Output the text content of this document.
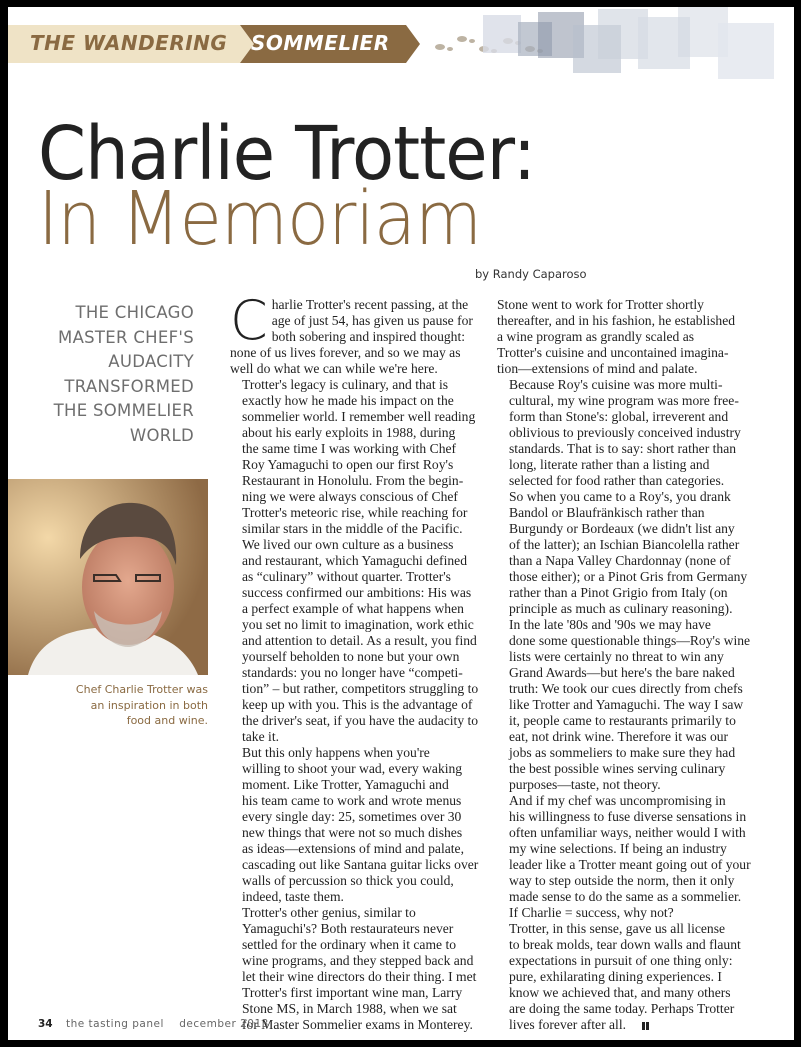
THE WANDERING SOMMELIER
Charlie Trotter:
In Memoriam
by Randy Caparoso
THE CHICAGO
MASTER CHEF'S
AUDACITY
TRANSFORMED
THE SOMMELIER
WORLD
Chef Charlie Trotter was
an inspiration in both
food and wine.

C harlie Trotter's recent passing, at the
age of just 54, has given us pause for
both sobering and inspired thought:
none of us lives forever, and so we may as
well do what we can while we're here.

Trotter's legacy is culinary, and that is
exactly how he made his impact on the
sommelier world. I remember well reading
about his early exploits in 1988, during
the same time I was working with Chef
Roy Yamaguchi to open our first Roy's
Restaurant in Honolulu. From the begin-
ning we were always conscious of Chef
Trotter's meteoric rise, while reaching for
similar stars in the middle of the Pacific.

We lived our own culture as a business
and restaurant, which Yamaguchi defined
as “culinary” without quarter. Trotter's
success confirmed our ambitions: His was
a perfect example of what happens when
you set no limit to imagination, work ethic
and attention to detail. As a result, you find
yourself beholden to none but your own
standards: you no longer have “competi-
tion” – but rather, competitors struggling to
keep up with you. This is the advantage of
the driver's seat, if you have the audacity to
take it.

But this only happens when you're
willing to shoot your wad, every waking
moment. Like Trotter, Yamaguchi and
his team came to work and wrote menus
every single day: 25, sometimes over 30
new things that were not so much dishes
as ideas—extensions of mind and palate,
cascading out like Santana guitar licks over
walls of percussion so thick you could,
indeed, taste them.

Trotter's other genius, similar to
Yamaguchi's? Both restaurateurs never
settled for the ordinary when it came to
wine programs, and they stepped back and
let their wine directors do their thing. I met
Trotter's first important wine man, Larry
Stone MS, in March 1988, when we sat
for Master Sommelier exams in Monterey.

Stone went to work for Trotter shortly
thereafter, and in his fashion, he established
a wine program as grandly scaled as
Trotter's cuisine and uncontained imagina-
tion—extensions of mind and palate.

Because Roy's cuisine was more multi-
cultural, my wine program was more free-
form than Stone's: global, irreverent and
oblivious to previously conceived industry
standards. That is to say: short rather than
long, literate rather than a listing and
selected for food rather than categories.
So when you came to a Roy's, you drank
Bandol or Blaufränkisch rather than
Burgundy or Bordeaux (we didn't list any
of the latter); an Ischian Biancolella rather
than a Napa Valley Chardonnay (none of
those either); or a Pinot Gris from Germany
rather than a Pinot Grigio from Italy (on
principle as much as culinary reasoning).

In the late '80s and '90s we may have
done some questionable things—Roy's wine
lists were certainly no threat to win any
Grand Awards—but here's the bare naked
truth: We took our cues directly from chefs
like Trotter and Yamaguchi. The way I saw
it, people came to restaurants primarily to
eat, not drink wine. Therefore it was our
jobs as sommeliers to make sure they had
the best possible wines serving culinary
purposes—taste, not theory.

And if my chef was uncompromising in
his willingness to fuse diverse sensations in
often unfamiliar ways, neither would I with
my wine selections. If being an industry
leader like a Trotter meant going out of your
way to step outside the norm, then it only
made sense to do the same as a sommelier.
If Charlie = success, why not?

Trotter, in this sense, gave us all license
to break molds, tear down walls and flaunt
expectations in pursuit of one thing only:
pure, exhilarating dining experiences. I
know we achieved that, and many others
are doing the same today. Perhaps Trotter
lives forever after all.

34 the tasting panel december 2013
